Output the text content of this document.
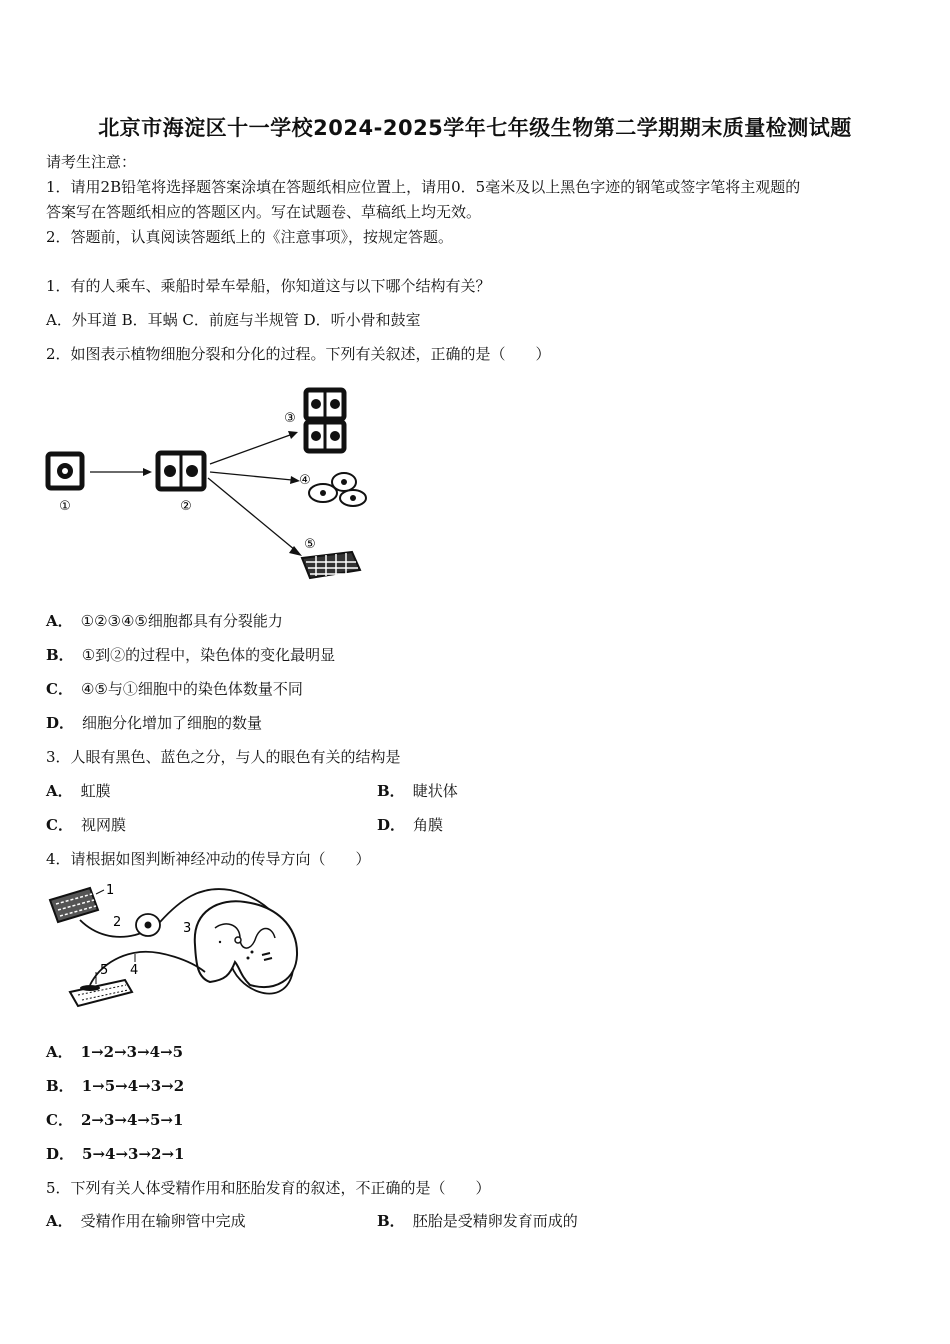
北京市海淀区十一学校2024-2025学年七年级生物第二学期期末质量检测试题
请考生注意：
1．请用2B铅笔将选择题答案涂填在答题纸相应位置上，请用0．5毫米及以上黑色字迹的钢笔或签字笔将主观题的
答案写在答题纸相应的答题区内。写在试题卷、草稿纸上均无效。
2．答题前，认真阅读答题纸上的《注意事项》，按规定答题。
1．有的人乘车、乘船时晕车晕船，你知道这与以下哪个结构有关？
A．外耳道 B．耳蜗 C．前庭与半规管 D．听小骨和鼓室
2．如图表示植物细胞分裂和分化的过程。下列有关叙述，正确的是（　　）
①	②
③
④
⑤
A． ①②③④⑤细胞都具有分裂能力
B． ①到②的过程中，染色体的变化最明显
C． ④⑤与①细胞中的染色体数量不同
D． 细胞分化增加了细胞的数量
3．人眼有黑色、蓝色之分，与人的眼色有关的结构是
A． 虹膜	B． 睫状体
C． 视网膜	D． 角膜
4．请根据如图判断神经冲动的传导方向（　　）
1
2	3
4
5
A． 1→2→3→4→5
B． 1→5→4→3→2
C． 2→3→4→5→1
D． 5→4→3→2→1
5．下列有关人体受精作用和胚胎发育的叙述，不正确的是（　　）
A． 受精作用在输卵管中完成	B． 胚胎是受精卵发育而成的
